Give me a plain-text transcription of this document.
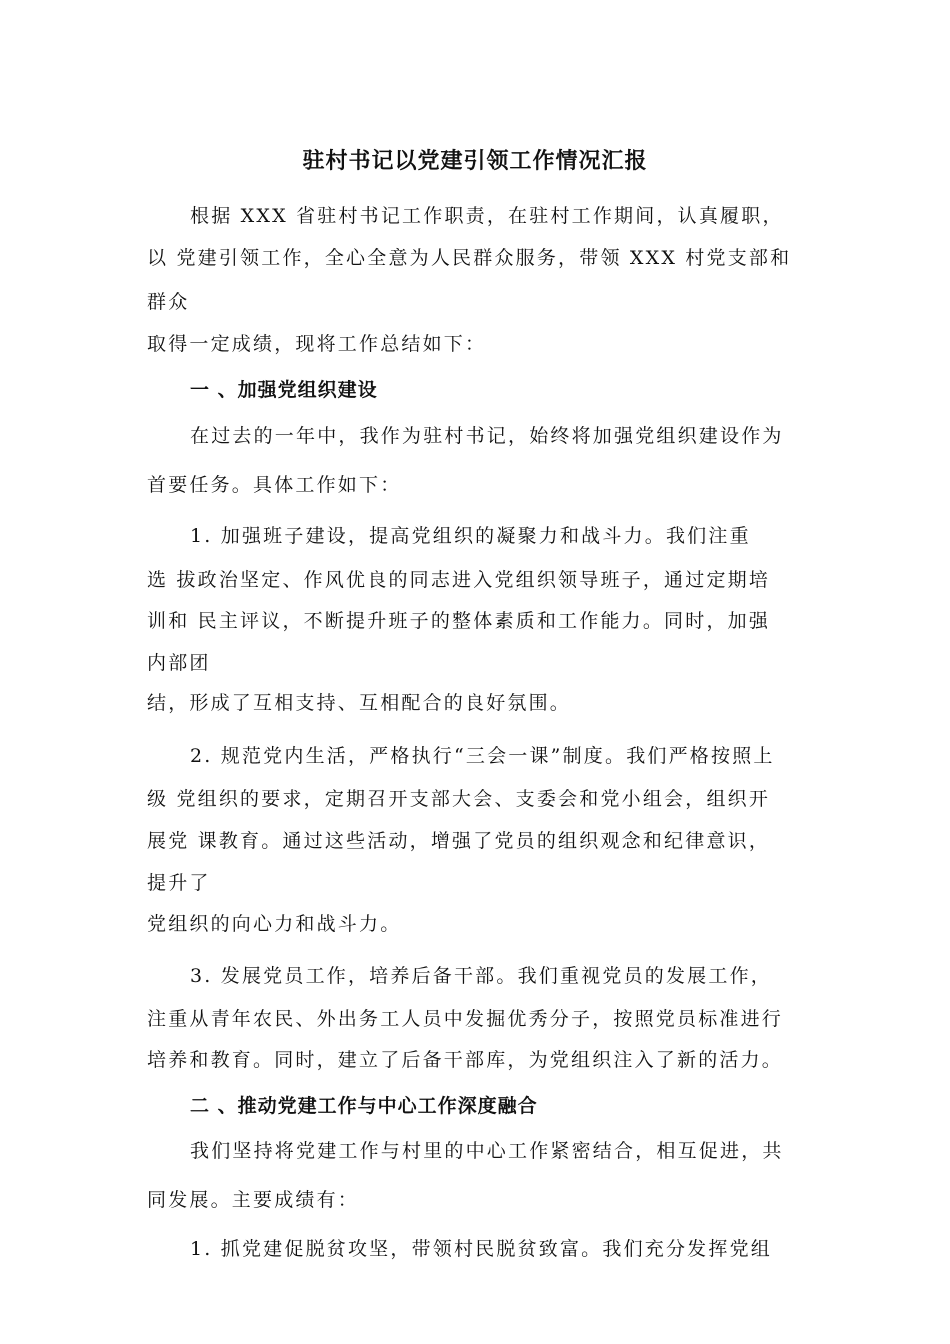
驻村书记以党建引领工作情况汇报
根据 XXX 省驻村书记工作职责，在驻村工作期间，认真履职，
以 党建引领工作，全心全意为人民群众服务，带领 XXX 村党支部和
群众
取得一定成绩，现将工作总结如下：
一 、加强党组织建设
在过去的一年中，我作为驻村书记，始终将加强党组织建设作为
首要任务。具体工作如下：
1. 加强班子建设，提高党组织的凝聚力和战斗力。我们注重
选 拔政治坚定、作风优良的同志进入党组织领导班子，通过定期培
训和 民主评议，不断提升班子的整体素质和工作能力。同时，加强
内部团
结，形成了互相支持、互相配合的良好氛围。
2. 规范党内生活，严格执行“三会一课”制度。我们严格按照上
级 党组织的要求，定期召开支部大会、支委会和党小组会，组织开
展党 课教育。通过这些活动，增强了党员的组织观念和纪律意识，
提升了
党组织的向心力和战斗力。
3. 发展党员工作，培养后备干部。我们重视党员的发展工作，
注重从青年农民、外出务工人员中发掘优秀分子，按照党员标准进行
培养和教育。同时，建立了后备干部库，为党组织注入了新的活力。
二 、推动党建工作与中心工作深度融合
我们坚持将党建工作与村里的中心工作紧密结合，相互促进，共
同发展。主要成绩有：
1. 抓党建促脱贫攻坚，带领村民脱贫致富。我们充分发挥党组
